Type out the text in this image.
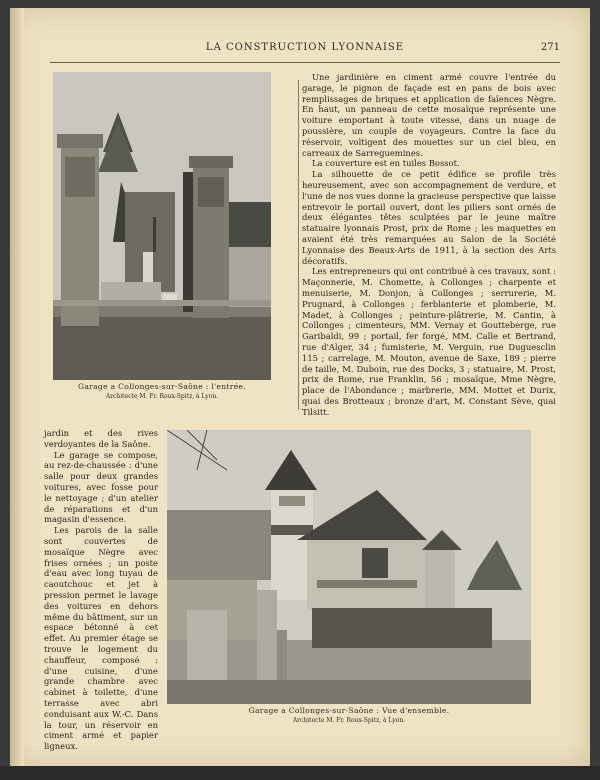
LA CONSTRUCTION LYONNAISE	271
Garage a Collonges-sur-Saône : l'entrée.
Architecte M. Fr. Roux-Spitz, à Lyon.

Une jardinière en ciment armé couvre l'entrée du garage, le pignon de façade est en pans de bois avec remplissages de briques et application de faïences Nègre. En haut, un panneau de cette mosaïque représente une voiture emportant à toute vitesse, dans un nuage de poussière, un couple de voyageurs. Contre la face du réservoir, voltigent des mouettes sur un ciel bleu, en carreaux de Sarreguemines.

La couverture est en tuiles Bossot.

La silhouette de ce petit édifice se profile très heureusement, avec son accompagnement de verdure, et l'une de nos vues donne la gracieuse perspective que laisse entrevoir le portail ouvert, dont les piliers sont ornés de deux élégantes têtes sculptées par le jeune maître statuaire lyonnais Prost, prix de Rome ; les maquettes en avaient été très remarquées au Salon de la Société Lyonnaise des Beaux-Arts de 1911, à la section des Arts décoratifs.

Les entrepreneurs qui ont contribué à ces travaux, sont : Maçonnerie, M. Chomette, à Collonges ; charpente et menuiserie, M. Donjon, à Collonges ; serrurerie, M. Prugnard, à Collonges ; ferblanterie et plomberie, M. Madet, à Collonges ; peinture-plâtrerie, M. Cantin, à Collonges ; cimenteurs, MM. Vernay et Goutteberge, rue Garibaldi, 99 ; portail, fer forgé, MM. Calle et Bertrand, rue d'Alger, 34 ; fumisterie, M. Verguin, rue Duguesclin 115 ; carrelage, M. Mouton, avenue de Saxe, 189 ; pierre de taille, M. Duboin, rue des Docks, 3 ; statuaire, M. Prost, prix de Rome, rue Franklin, 56 ; mosaïque, Mme Nègre, place de l'Abondance ; marbrerie, MM. Mottet et Durix, quai des Brotteaux ; bronze d'art, M. Constant Sève, quai Tilsitt.

jardin et des rives verdoyantes de la Saône.

Le garage se compose, au rez-de-chaussée : d'une salle pour deux grandes voitures, avec fosse pour le nettoyage ; d'un atelier de réparations et d'un magasin d'essence.

Les parois de la salle sont couvertes de mosaïque Nègre avec frises ornées ; un poste d'eau avec long tuyau de caoutchouc et jet à pression permet le lavage des voitures en dehors même du bâtiment, sur un espace bétonné à cet effet. Au premier étage se trouve le logement du chauffeur, composé : d'une cuisine, d'une grande chambre avec cabinet à toilette, d'une terrasse avec abri conduisant aux W.-C. Dans la tour, un réservoir en ciment armé et papier ligneux.

Garage a Collonges-sur-Saône : Vue d'ensemble.
Architecte M. Fr. Roux-Spitz, à Lyon.
